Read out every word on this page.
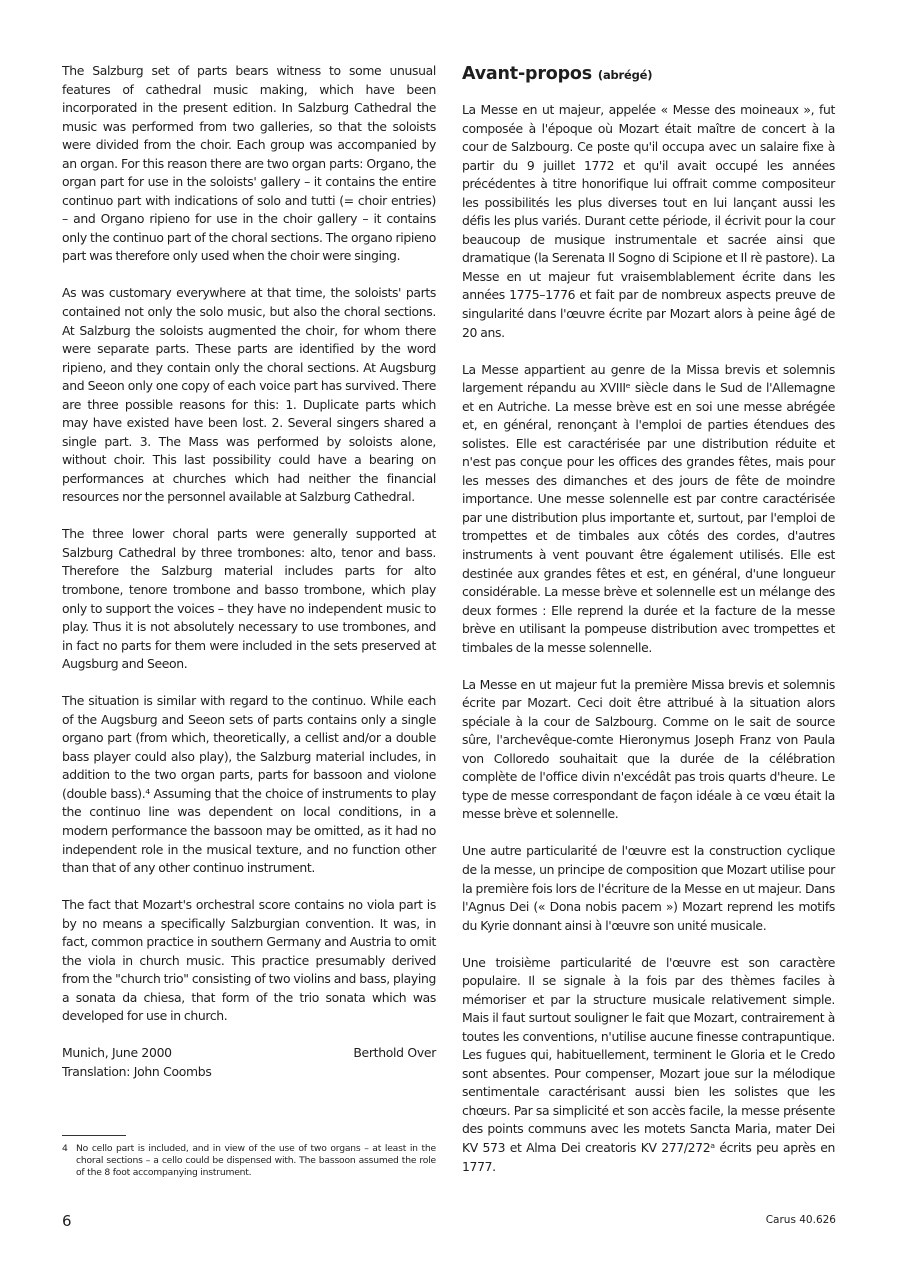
The Salzburg set of parts bears witness to some unusual features of cathedral music making, which have been incorporated in the present edition. In Salzburg Cathedral the music was performed from two galleries, so that the soloists were divided from the choir. Each group was accompanied by an organ. For this reason there are two organ parts: Organo, the organ part for use in the soloists' gallery – it contains the entire continuo part with indications of solo and tutti (= choir entries) – and Organo ripieno for use in the choir gallery – it contains only the continuo part of the choral sections. The organo ripieno part was therefore only used when the choir were singing.

As was customary everywhere at that time, the soloists' parts contained not only the solo music, but also the choral sections. At Salzburg the soloists augmented the choir, for whom there were separate parts. These parts are identified by the word ripieno, and they contain only the choral sections. At Augsburg and Seeon only one copy of each voice part has survived. There are three possible reasons for this: 1. Duplicate parts which may have existed have been lost. 2. Several singers shared a single part. 3. The Mass was performed by soloists alone, without choir. This last possibility could have a bearing on performances at churches which had neither the financial resources nor the personnel available at Salzburg Cathedral.

The three lower choral parts were generally supported at Salzburg Cathedral by three trombones: alto, tenor and bass. Therefore the Salzburg material includes parts for alto trombone, tenore trombone and basso trombone, which play only to support the voices – they have no independent music to play. Thus it is not absolutely necessary to use trombones, and in fact no parts for them were included in the sets preserved at Augsburg and Seeon.

The situation is similar with regard to the continuo. While each of the Augsburg and Seeon sets of parts contains only a single organo part (from which, theoretically, a cellist and/or a double bass player could also play), the Salzburg material includes, in addition to the two organ parts, parts for bassoon and violone (double bass).⁴ Assuming that the choice of instruments to play the continuo line was dependent on local conditions, in a modern performance the bassoon may be omitted, as it had no independent role in the musical texture, and no function other than that of any other continuo instrument.

The fact that Mozart's orchestral score contains no viola part is by no means a specifically Salzburgian convention. It was, in fact, common practice in southern Germany and Austria to omit the viola in church music. This practice presumably derived from the "church trio" consisting of two violins and bass, playing a sonata da chiesa, that form of the trio sonata which was developed for use in church.

Munich, June 2000	Berthold Over
Translation: John Coombs
4 No cello part is included, and in view of the use of two organs – at least in the choral sections – a cello could be dispensed with. The bassoon assumed the role of the 8 foot accompanying instrument.
Avant-propos (abrégé)

La Messe en ut majeur, appelée « Messe des moineaux », fut composée à l'époque où Mozart était maître de concert à la cour de Salzbourg. Ce poste qu'il occupa avec un salaire fixe à partir du 9 juillet 1772 et qu'il avait occupé les années précédentes à titre honorifique lui offrait comme compositeur les possibilités les plus diverses tout en lui lançant aussi les défis les plus variés. Durant cette période, il écrivit pour la cour beaucoup de musique instrumentale et sacrée ainsi que dramatique (la Serenata Il Sogno di Scipione et Il rè pastore). La Messe en ut majeur fut vraisemblablement écrite dans les années 1775–1776 et fait par de nombreux aspects preuve de singularité dans l'œuvre écrite par Mozart alors à peine âgé de 20 ans.

La Messe appartient au genre de la Missa brevis et solemnis largement répandu au XVIIIᵉ siècle dans le Sud de l'Allemagne et en Autriche. La messe brève est en soi une messe abrégée et, en général, renonçant à l'emploi de parties étendues des solistes. Elle est caractérisée par une distribution réduite et n'est pas conçue pour les offices des grandes fêtes, mais pour les messes des dimanches et des jours de fête de moindre importance. Une messe solennelle est par contre caractérisée par une distribution plus importante et, surtout, par l'emploi de trompettes et de timbales aux côtés des cordes, d'autres instruments à vent pouvant être également utilisés. Elle est destinée aux grandes fêtes et est, en général, d'une longueur considérable. La messe brève et solennelle est un mélange des deux formes : Elle reprend la durée et la facture de la messe brève en utilisant la pompeuse distribution avec trompettes et timbales de la messe solennelle.

La Messe en ut majeur fut la première Missa brevis et solemnis écrite par Mozart. Ceci doit être attribué à la situation alors spéciale à la cour de Salzbourg. Comme on le sait de source sûre, l'archevêque-comte Hieronymus Joseph Franz von Paula von Colloredo souhaitait que la durée de la célébration complète de l'office divin n'excédât pas trois quarts d'heure. Le type de messe correspondant de façon idéale à ce vœu était la messe brève et solennelle.

Une autre particularité de l'œuvre est la construction cyclique de la messe, un principe de composition que Mozart utilise pour la première fois lors de l'écriture de la Messe en ut majeur. Dans l'Agnus Dei (« Dona nobis pacem ») Mozart reprend les motifs du Kyrie donnant ainsi à l'œuvre son unité musicale.

Une troisième particularité de l'œuvre est son caractère populaire. Il se signale à la fois par des thèmes faciles à mémoriser et par la structure musicale relativement simple. Mais il faut surtout souligner le fait que Mozart, contrairement à toutes les conventions, n'utilise aucune finesse contrapuntique. Les fugues qui, habituellement, terminent le Gloria et le Credo sont absentes. Pour compenser, Mozart joue sur la mélodique sentimentale caractérisant aussi bien les solistes que les chœurs. Par sa simplicité et son accès facile, la messe présente des points communs avec les motets Sancta Maria, mater Dei KV 573 et Alma Dei creatoris KV 277/272ᵃ écrits peu après en 1777.

6	Carus 40.626
